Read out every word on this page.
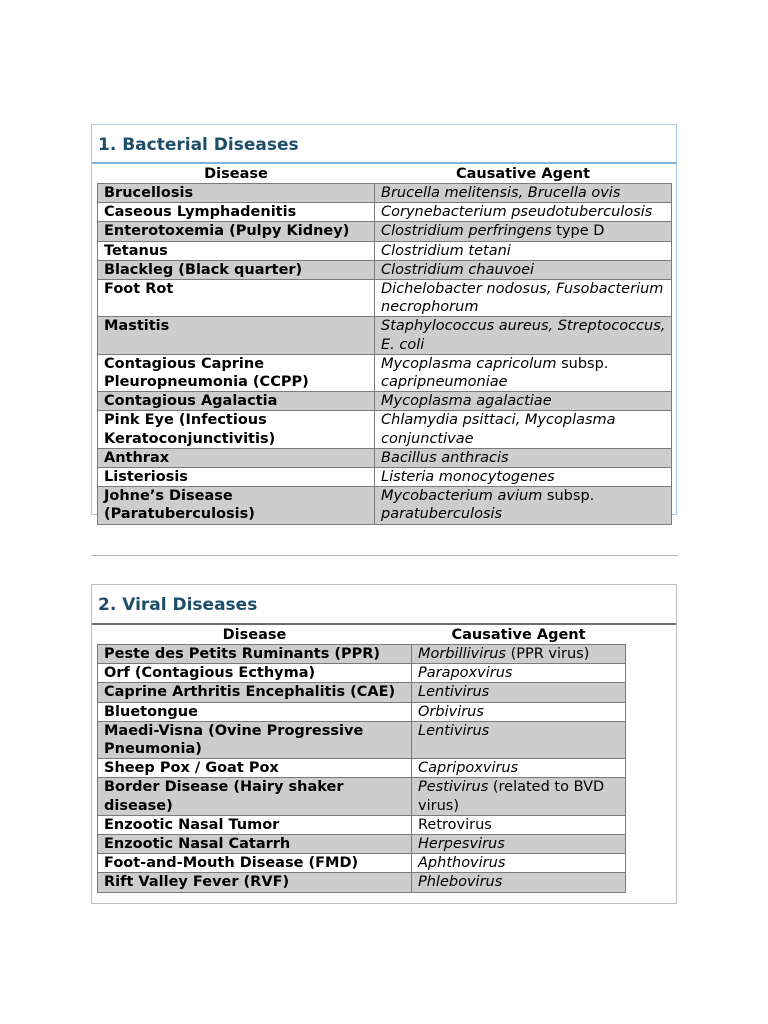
1. Bacterial Diseases
Disease	Causative Agent
Brucellosis	Brucella melitensis, Brucella ovis
Caseous Lymphadenitis	Corynebacterium pseudotuberculosis
Enterotoxemia (Pulpy Kidney)	Clostridium perfringens type D
Tetanus	Clostridium tetani
Blackleg (Black quarter)	Clostridium chauvoei
Foot Rot	Dichelobacter nodosus, Fusobacterium necrophorum
Mastitis	Staphylococcus aureus, Streptococcus, E. coli
Contagious Caprine Pleuropneumonia (CCPP)	Mycoplasma capricolum subsp. capripneumoniae
Contagious Agalactia	Mycoplasma agalactiae
Pink Eye (Infectious Keratoconjunctivitis)	Chlamydia psittaci, Mycoplasma conjunctivae
Anthrax	Bacillus anthracis
Listeriosis	Listeria monocytogenes
Johne’s Disease (Paratuberculosis)	Mycobacterium avium subsp. paratuberculosis
2. Viral Diseases
Disease	Causative Agent
Peste des Petits Ruminants (PPR)	Morbillivirus (PPR virus)
Orf (Contagious Ecthyma)	Parapoxvirus
Caprine Arthritis Encephalitis (CAE)	Lentivirus
Bluetongue	Orbivirus
Maedi-Visna (Ovine Progressive Pneumonia)	Lentivirus
Sheep Pox / Goat Pox	Capripoxvirus
Border Disease (Hairy shaker disease)	Pestivirus (related to BVD virus)
Enzootic Nasal Tumor	Retrovirus
Enzootic Nasal Catarrh	Herpesvirus
Foot-and-Mouth Disease (FMD)	Aphthovirus
Rift Valley Fever (RVF)	Phlebovirus
